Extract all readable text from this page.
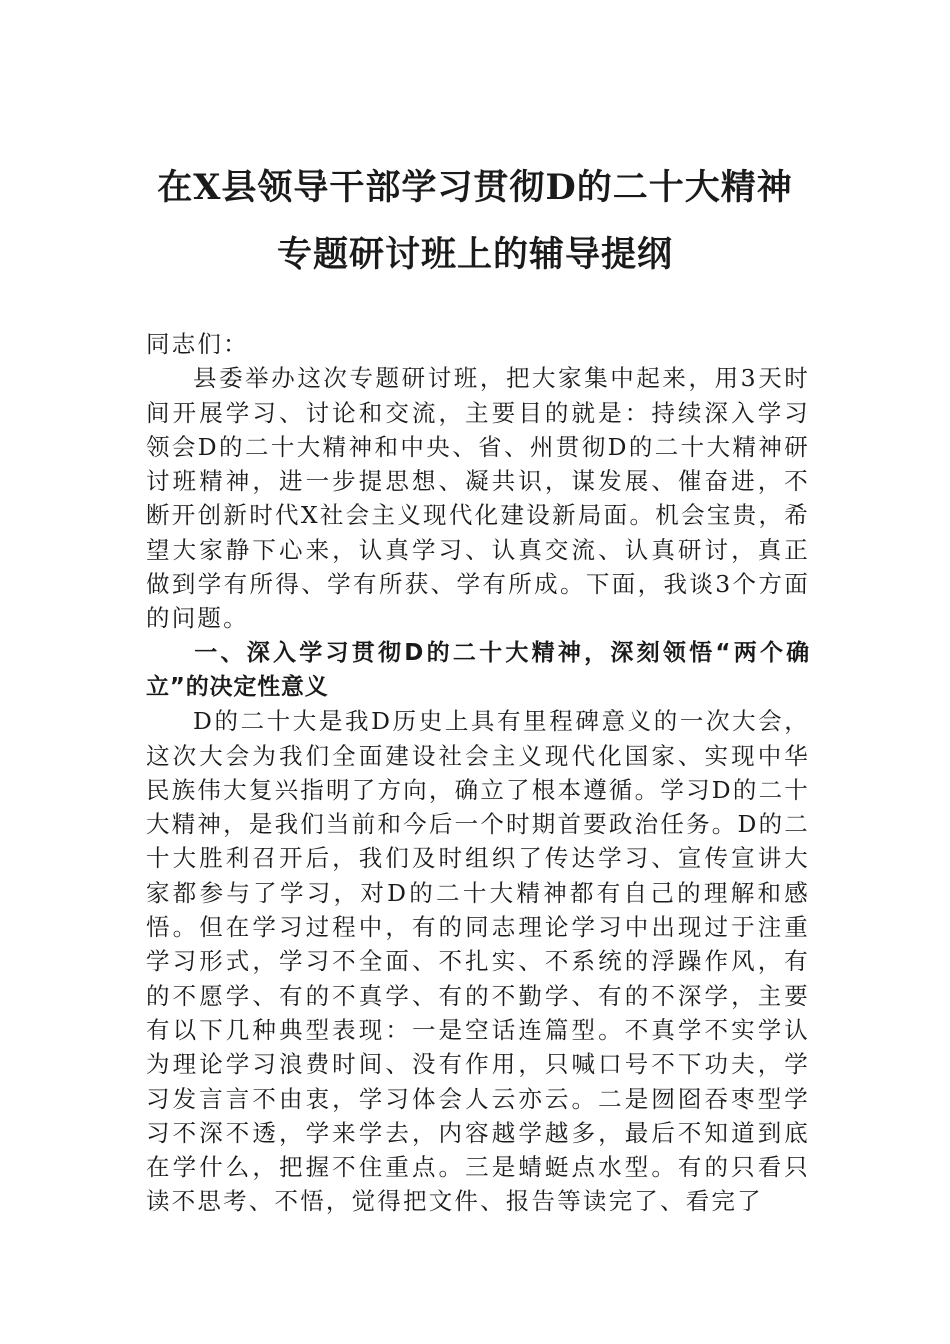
在X县领导干部学习贯彻D的二十大精神
专题研讨班上的辅导提纲

同志们：

县委举办这次专题研讨班，把大家集中起来，用3天时间开展学习、讨论和交流，主要目的就是：持续深入学习领会D的二十大精神和中央、省、州贯彻D的二十大精神研讨班精神，进一步提思想、凝共识，谋发展、催奋进，不断开创新时代X社会主义现代化建设新局面。机会宝贵，希望大家静下心来，认真学习、认真交流、认真研讨，真正做到学有所得、学有所获、学有所成。下面，我谈3个方面的问题。

一、深入学习贯彻D的二十大精神，深刻领悟“两个确立”的决定性意义

D的二十大是我D历史上具有里程碑意义的一次大会，这次大会为我们全面建设社会主义现代化国家、实现中华民族伟大复兴指明了方向，确立了根本遵循。学习D的二十大精神，是我们当前和今后一个时期首要政治任务。D的二十大胜利召开后，我们及时组织了传达学习、宣传宣讲大家都参与了学习，对D的二十大精神都有自己的理解和感悟。但在学习过程中，有的同志理论学习中出现过于注重学习形式，学习不全面、不扎实、不系统的浮躁作风，有的不愿学、有的不真学、有的不勤学、有的不深学，主要有以下几种典型表现：一是空话连篇型。不真学不实学认为理论学习浪费时间、没有作用，只喊口号不下功夫，学习发言言不由衷，学习体会人云亦云。二是囫囵吞枣型学习不深不透，学来学去，内容越学越多，最后不知道到底在学什么，把握不住重点。三是蜻蜓点水型。有的只看只读不思考、不悟，觉得把文件、报告等读完了、看完了
